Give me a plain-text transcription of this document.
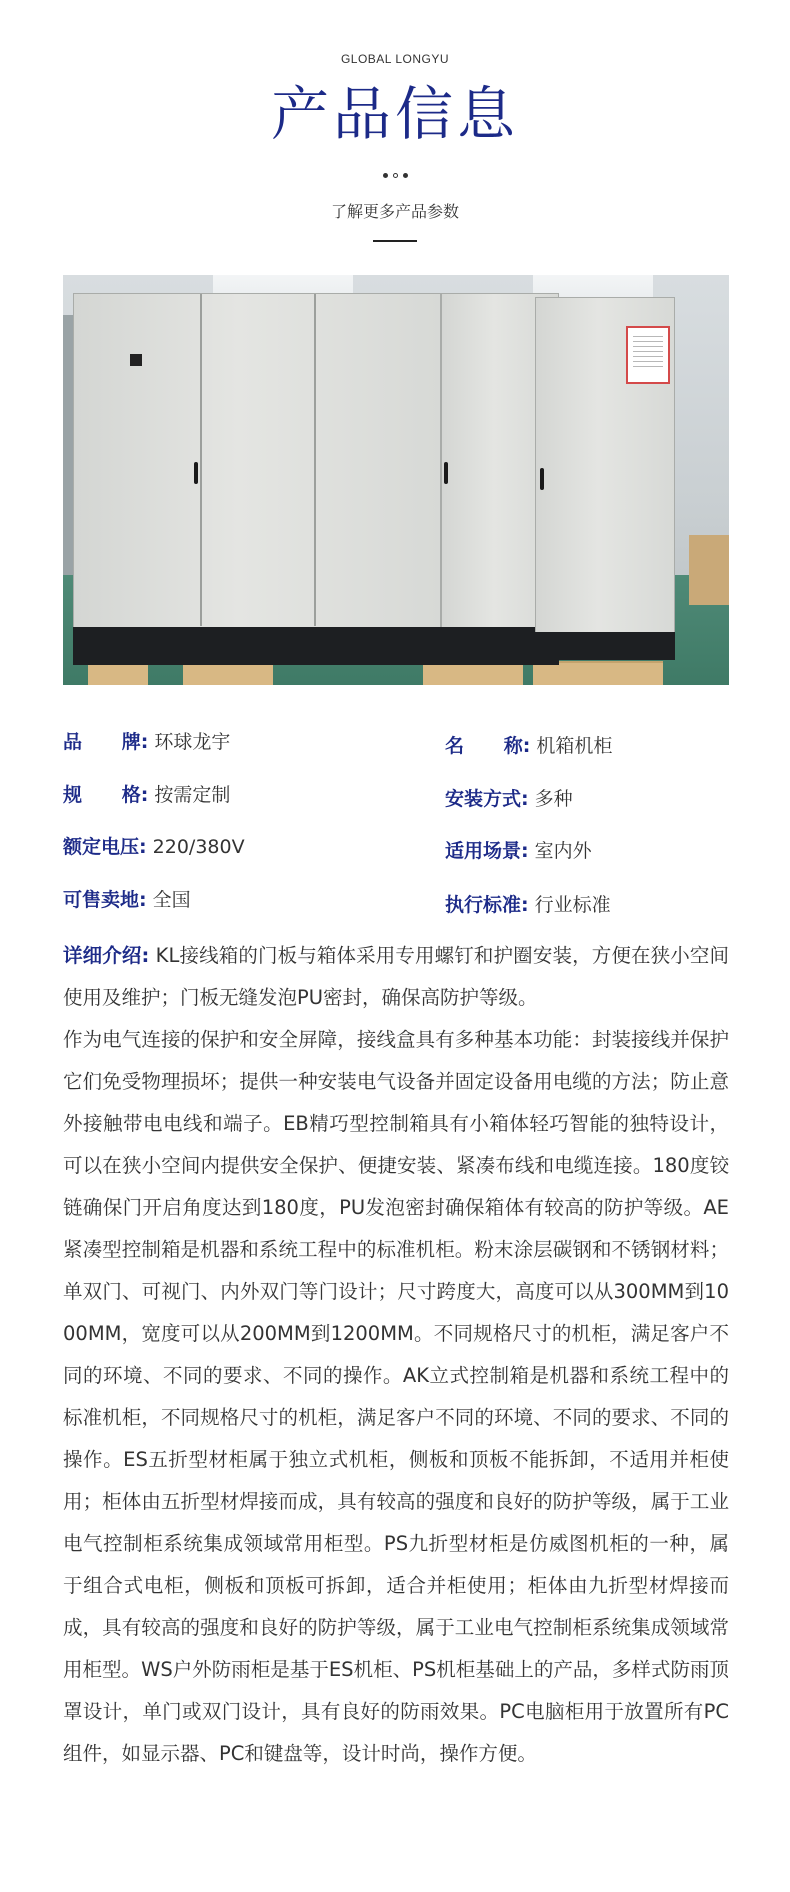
GLOBAL LONGYU
产品信息
了解更多产品参数
品      牌: 环球龙宇
规      格: 按需定制
额定电压: 220/380V
可售卖地: 全国
名      称: 机箱机柜
安装方式: 多种
适用场景: 室内外
执行标准: 行业标准

详细介绍: KL接线箱的门板与箱体采用专用螺钉和护圈安装，方便在狭小空间使用及维护；门板无缝发泡PU密封，确保高防护等级。

作为电气连接的保护和安全屏障，接线盒具有多种基本功能：封装接线并保护它们免受物理损坏；提供一种安装电气设备并固定设备用电缆的方法；防止意外接触带电电线和端子。EB精巧型控制箱具有小箱体轻巧智能的独特设计，可以在狭小空间内提供安全保护、便捷安装、紧凑布线和电缆连接。180度铰链确保门开启角度达到180度，PU发泡密封确保箱体有较高的防护等级。AE紧凑型控制箱是机器和系统工程中的标准机柜。粉末涂层碳钢和不锈钢材料；单双门、可视门、内外双门等门设计；尺寸跨度大，高度可以从300MM到1000MM，宽度可以从200MM到1200MM。不同规格尺寸的机柜，满足客户不同的环境、不同的要求、不同的操作。AK立式控制箱是机器和系统工程中的标准机柜，不同规格尺寸的机柜，满足客户不同的环境、不同的要求、不同的操作。ES五折型材柜属于独立式机柜，侧板和顶板不能拆卸，不适用并柜使用；柜体由五折型材焊接而成，具有较高的强度和良好的防护等级，属于工业电气控制柜系统集成领域常用柜型。PS九折型材柜是仿威图机柜的一种，属于组合式电柜，侧板和顶板可拆卸，适合并柜使用；柜体由九折型材焊接而成，具有较高的强度和良好的防护等级，属于工业电气控制柜系统集成领域常用柜型。WS户外防雨柜是基于ES机柜、PS机柜基础上的产品，多样式防雨顶罩设计，单门或双门设计，具有良好的防雨效果。PC电脑柜用于放置所有PC组件，如显示器、PC和键盘等，设计时尚，操作方便。
